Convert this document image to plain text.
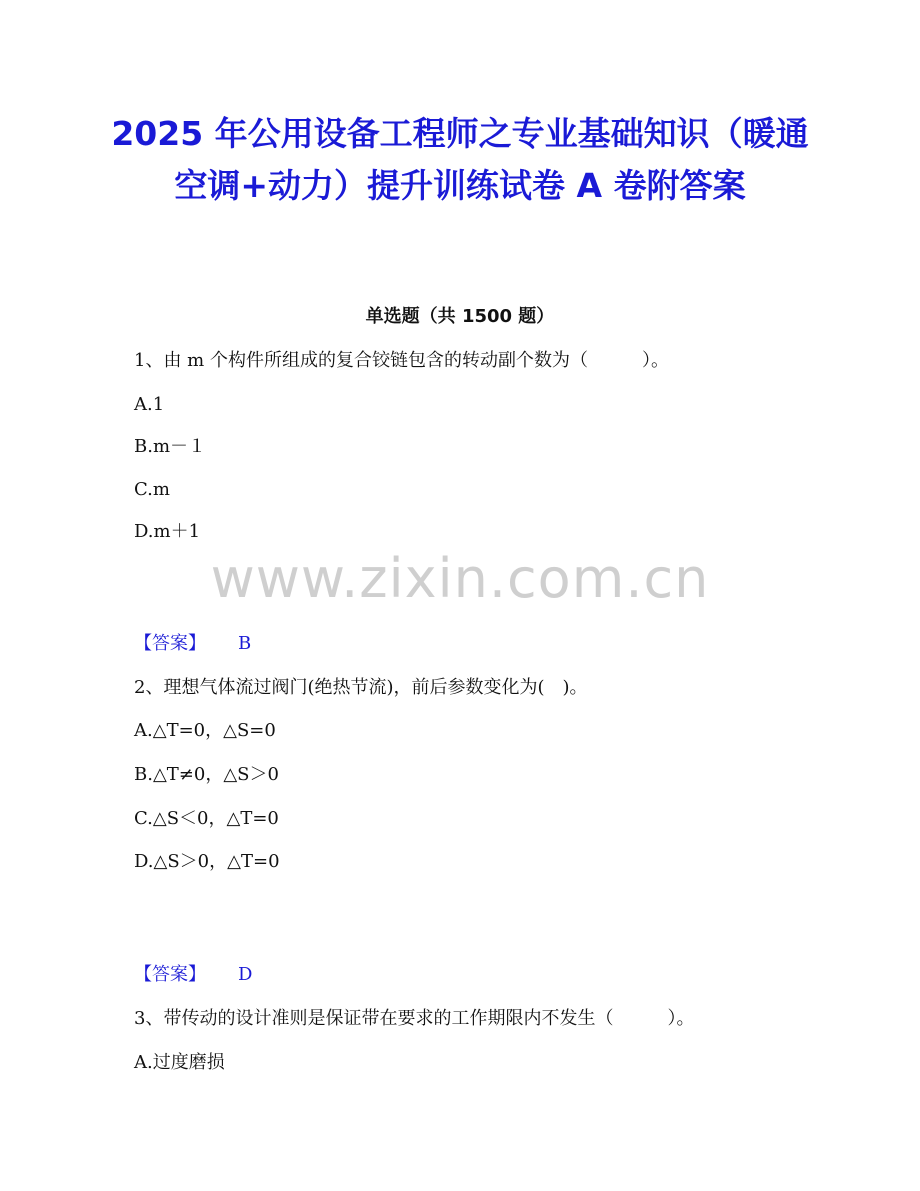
2025 年公用设备工程师之专业基础知识（暖通空调+动力）提升训练试卷 A 卷附答案
单选题（共 1500 题）
1、由 m 个构件所组成的复合铰链包含的转动副个数为（　　　）。
A.1
B.m－１
C.m
D.m＋1
www.zixin.com.cn
【答案】 B
2、理想气体流过阀门(绝热节流)，前后参数变化为(　)。
A.△T=0，△S=0
B.△T≠0，△S＞0
C.△S＜0，△T=0
D.△S＞0，△T=0
【答案】 D
3、带传动的设计准则是保证带在要求的工作期限内不发生（　　　）。
A.过度磨损
